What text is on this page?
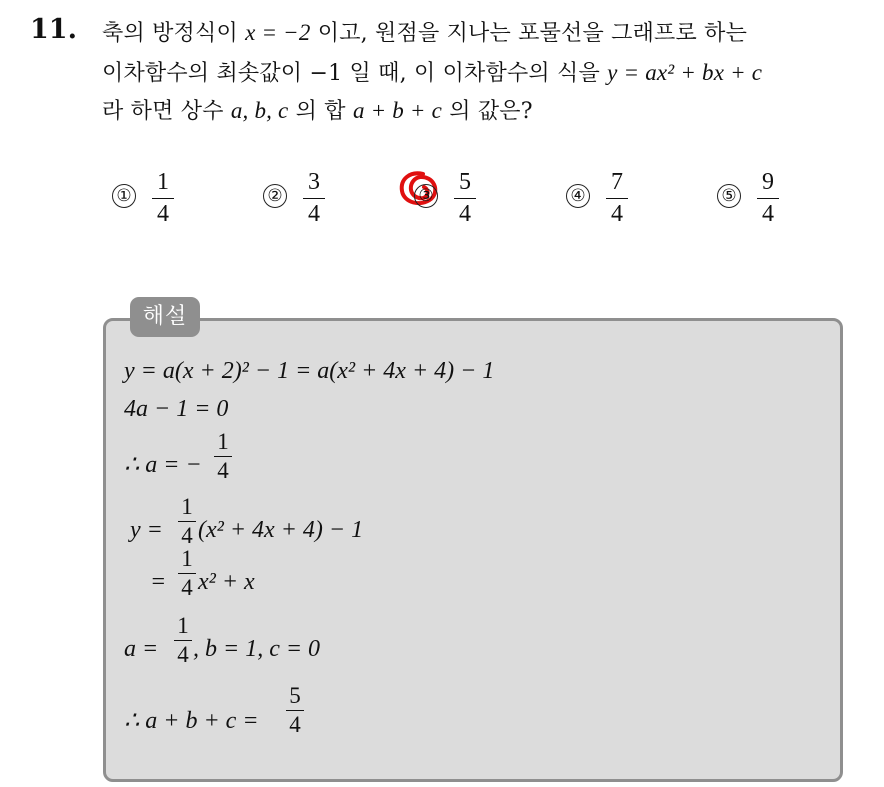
11. 축의 방정식이 x = −2 이고, 원점을 지나는 포물선을 그래프로 하는
이차함수의 최솟값이 −1 일 때, 이 이차함수의 식을 y = ax² + bx + c
라 하면 상수 a, b, c 의 합 a + b + c 의 값은?
①
1
4
②
3
4
③
5
4
④
7
4
⑤
9
4
해설
y = a(x + 2)² − 1 = a(x² + 4x + 4) − 1
4a − 1 = 0
∴ a = −
1
4
y =
1
4 (x² + 4x + 4) − 1
=
1
4 x² + x
a =
1
4 , b = 1, c = 0
∴ a + b + c =
5
4
